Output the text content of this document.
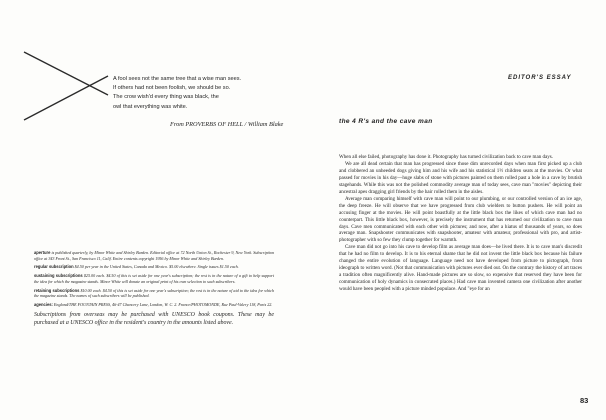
A fool sees not the same tree that a wise man sees.
If others had not been foolish, we should be so.
The crow wish'd every thing was black, the
owl that everything was white.
From PROVERBS OF HELL / William Blake
EDITOR'S ESSAY
the 4 R's and the cave man

When all else failed, photography has done it. Photography has turned civilization back to cave man days.

We are all dead certain that man has progressed since those dim unrecorded days when man first picked up a club and clobbered an unheeded dogs giving him and his wife and his statistical 1½ children seats at the movies. Or what passed for movies in his day—huge slabs of stone with pictures painted on them rolled past a hole in a cave by brutish stagehands. While this was not the polished commodity average man of today sees, cave man "movies" depicting their ancestral apes dragging girl friends by the hair rolled them in the aisles.

Average man comparing himself with cave man will point to our plumbing, or our controlled version of an ice age, the deep freeze. He will observe that we have progressed from club wielders to button pushers. He will point an accusing finger at the movies. He will point boastfully at the little black box the likes of which cave man had no counterpart. This little black box, however, is precisely the instrument that has returned our civilization to cave man days. Cave men communicated with each other with pictures; and now, after a hiatus of thousands of years, so does average man. Snapshooter communicates with snapshooter, amateur with amateur, professional with pro, and artist-photographer with so few they clump together for warmth.

Cave man did not go into his cave to develop film as average man does—he lived there. It is to cave man's discredit that he had no film to develop. It is to his eternal shame that he did not invent the little black box because his failure changed the entire evolution of language. Language need not have developed from picture to pictograph, from ideograph to written word. (Not that communication with pictures ever died out. On the contrary the history of art traces a tradition often magnificently alive. Hand-made pictures are so slow, so expensive that reserved they have been for communication of holy dynamics in consecrated places.) Had cave man invented camera one civilization after another would have been peopled with a picture minded populace. And "eye for an

aperture is published quarterly, by Minor White and Shirley Burden. Editorial office at 72 North Union St., Rochester 9, New York. Subscription office at 343 Front St., San Francisco 11, Calif. Entire contents copyright 1956 by Minor White and Shirley Burden.

regular subscription $4.50 per year in the United States, Canada and Mexico. $5.00 elsewhere. Single issues $1.50 each.

sustaining subscriptions $25.00 each. $4.50 of this is set aside for one year's subscription; the rest is in the nature of a gift to help support the idea for which the magazine stands. Minor White will donate an original print of his own selection to such subscribers.

retaining subscriptions $10.00 each. $4.50 of this is set aside for one year's subscription; the rest is in the nature of aid to the idea for which the magazine stands. The names of such subscribers will be published.

agencies: England/THE FOUNTAIN PRESS, 46-47 Chancery Lane, London, W. C. 2. France/PHOTOMONDE, Rue Paul-Valery 118, Paris 22.

Subscriptions from overseas may be purchased with UNESCO book coupons. These may be purchased at a UNESCO office in the resident's country in the amounts listed above.
83
